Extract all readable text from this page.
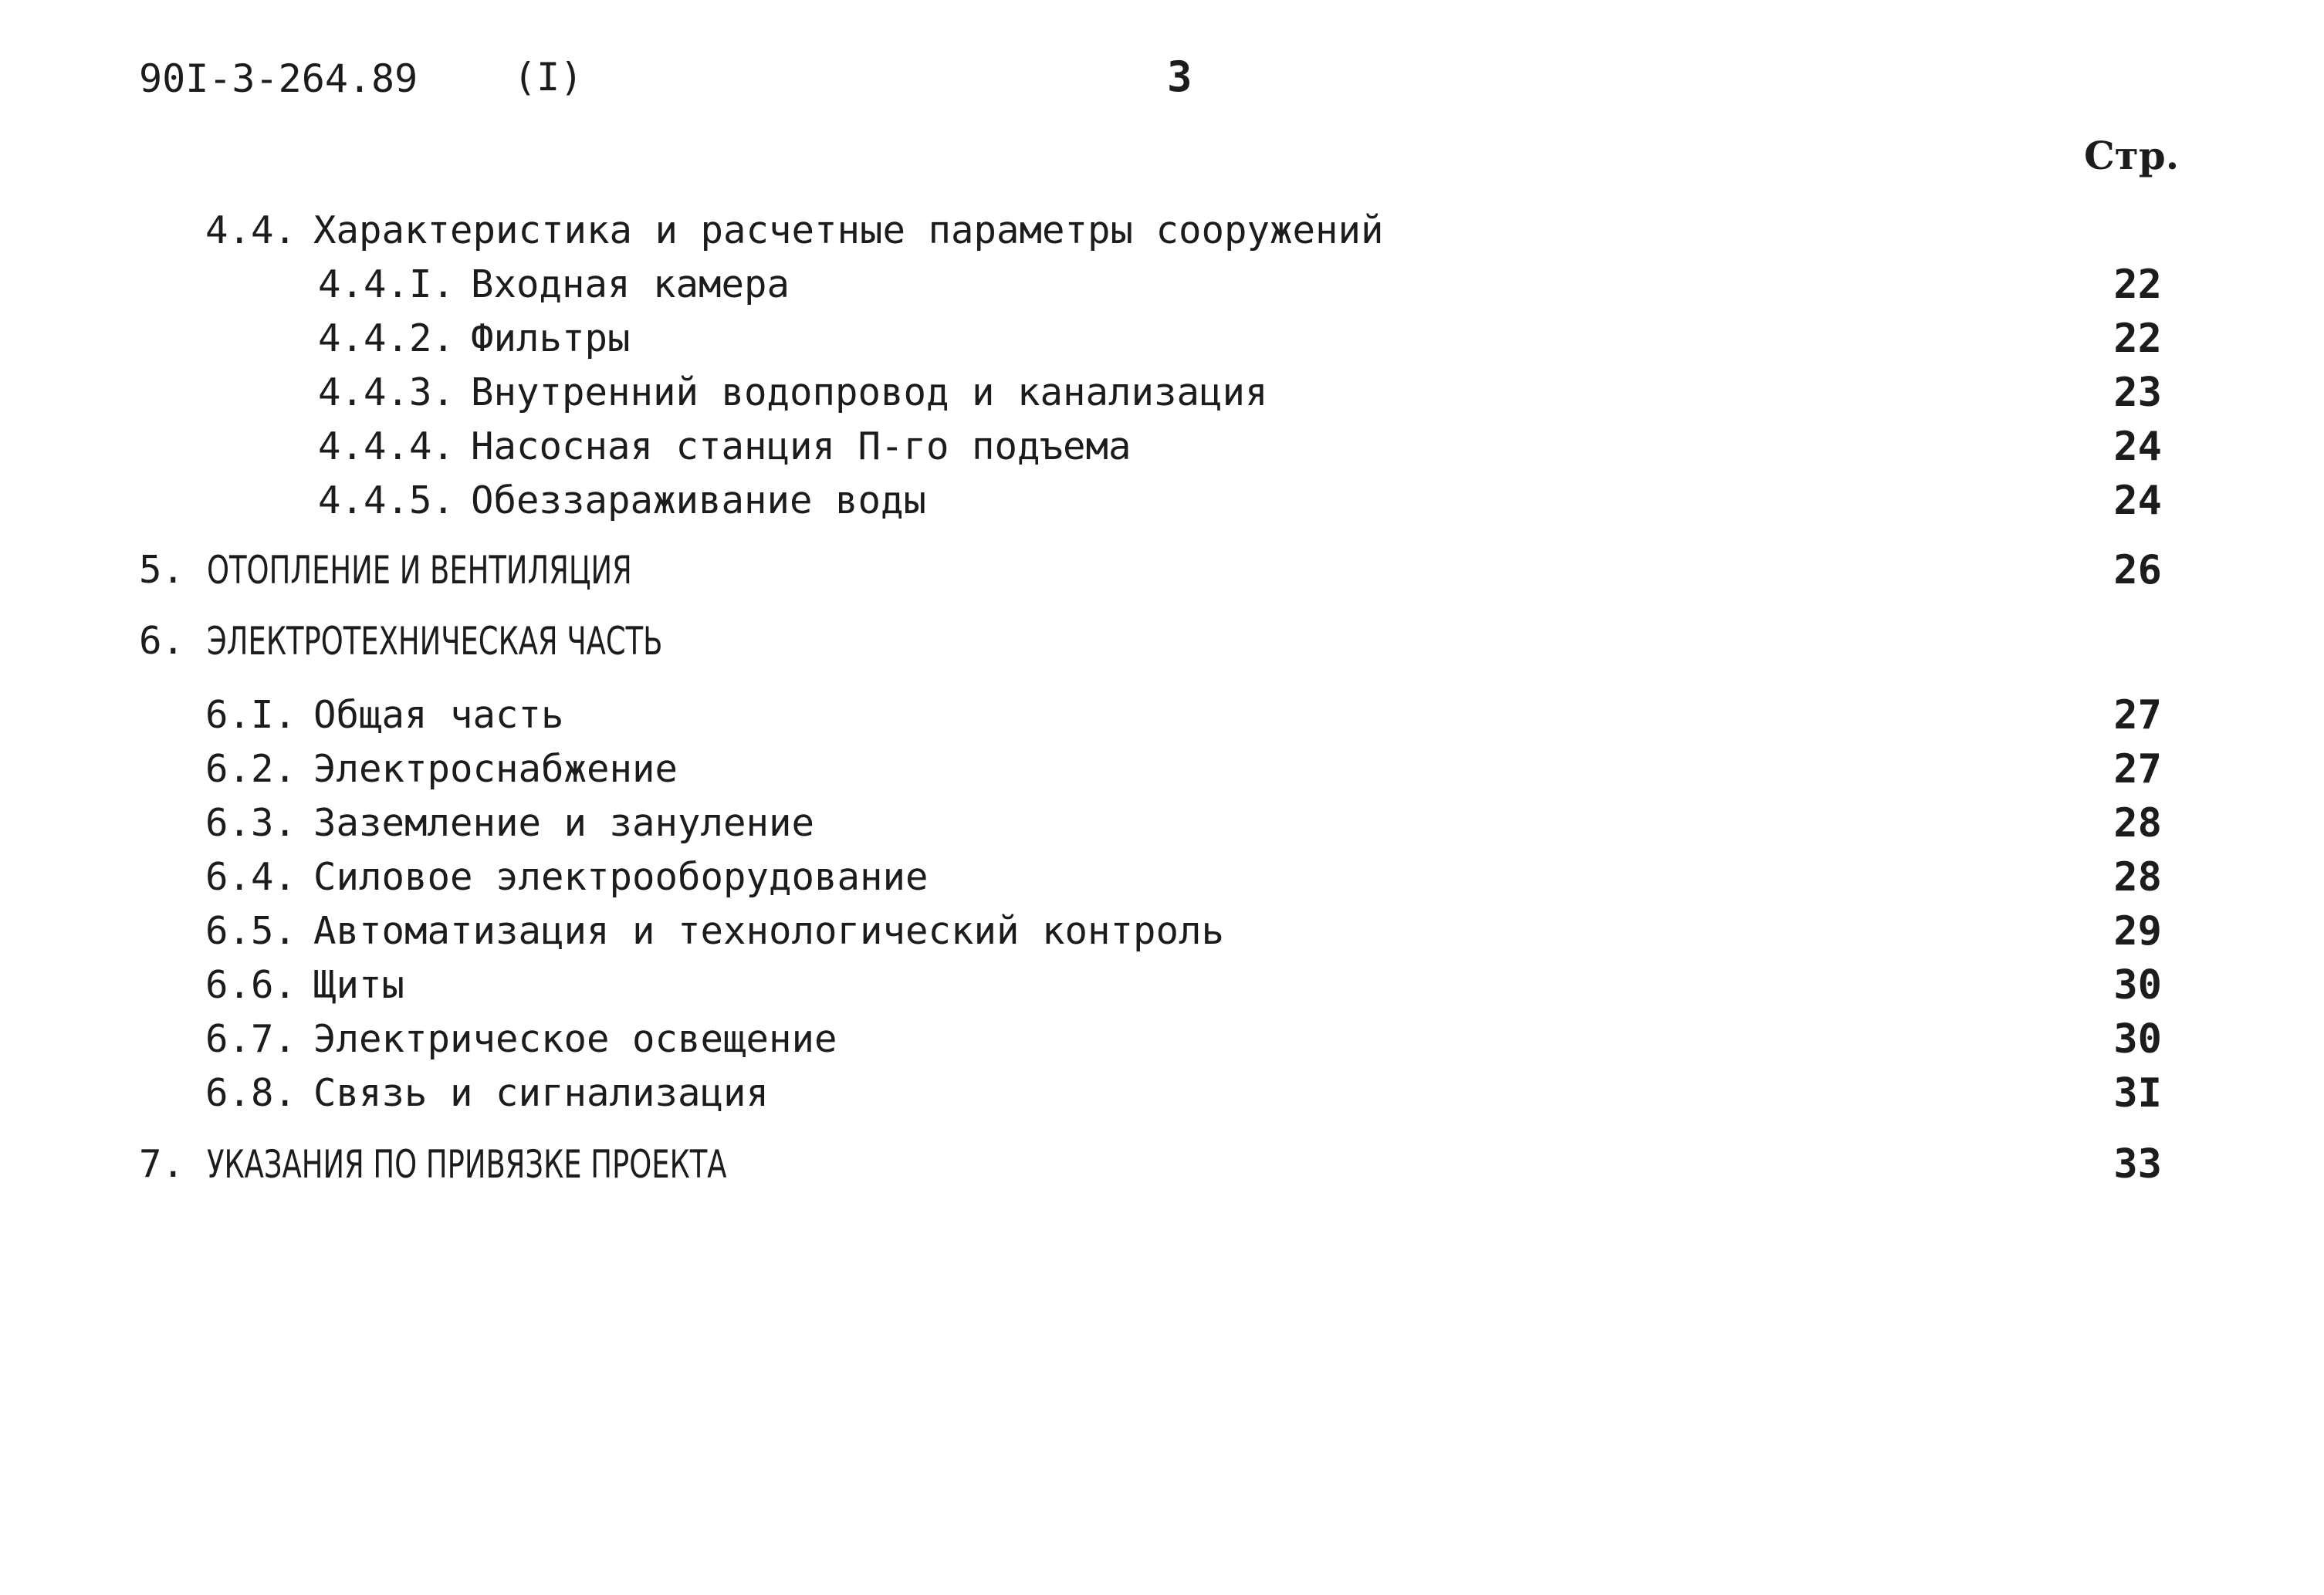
90I-3-264.89 (I)	3
Стр.
4.4. Характеристика и расчетные параметры сооружений
4.4.I. Входная камера	22
4.4.2. Фильтры	22
4.4.3. Внутренний водопровод и канализация	23
4.4.4. Насосная станция П-го подъема	24
4.4.5. Обеззараживание воды	24
5. ОТОПЛЕНИЕ И ВЕНТИЛЯЦИЯ	26
6. ЭЛЕКТРОТЕХНИЧЕСКАЯ ЧАСТЬ
6.I. Общая часть	27
6.2. Электроснабжение	27
6.3. Заземление и зануление	28
6.4. Силовое электрооборудование	28
6.5. Автоматизация и технологический контроль	29
6.6. Щиты	30
6.7. Электрическое освещение	30
6.8. Связь и сигнализация	3I
7. УКАЗАНИЯ ПО ПРИВЯЗКЕ ПРОЕКТА	33
